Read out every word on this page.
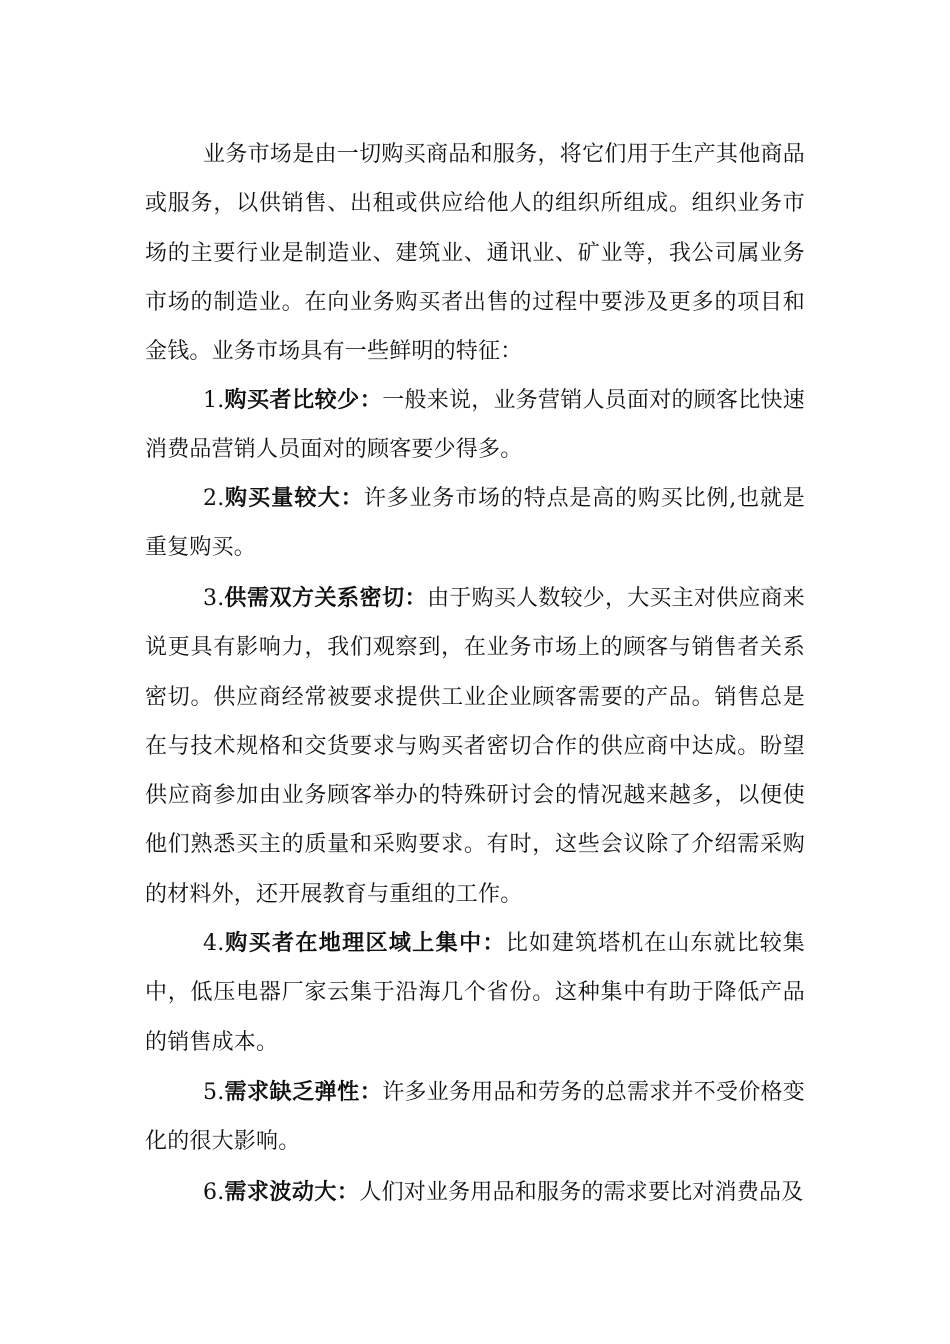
业务市场是由一切购买商品和服务，将它们用于生产其他商品或服务，以供销售、出租或供应给他人的组织所组成。组织业务市场的主要行业是制造业、建筑业、通讯业、矿业等，我公司属业务市场的制造业。在向业务购买者出售的过程中要涉及更多的项目和金钱。业务市场具有一些鲜明的特征：

1.购买者比较少：一般来说，业务营销人员面对的顾客比快速消费品营销人员面对的顾客要少得多。

2.购买量较大：许多业务市场的特点是高的购买比例,也就是重复购买。

3.供需双方关系密切：由于购买人数较少，大买主对供应商来说更具有影响力，我们观察到，在业务市场上的顾客与销售者关系密切。供应商经常被要求提供工业企业顾客需要的产品。销售总是在与技术规格和交货要求与购买者密切合作的供应商中达成。盼望供应商参加由业务顾客举办的特殊研讨会的情况越来越多，以便使他们熟悉买主的质量和采购要求。有时，这些会议除了介绍需采购的材料外，还开展教育与重组的工作。

4.购买者在地理区域上集中：比如建筑塔机在山东就比较集中，低压电器厂家云集于沿海几个省份。这种集中有助于降低产品的销售成本。

5.需求缺乏弹性：许多业务用品和劳务的总需求并不受价格变化的很大影响。

6.需求波动大：人们对业务用品和服务的需求要比对消费品及
